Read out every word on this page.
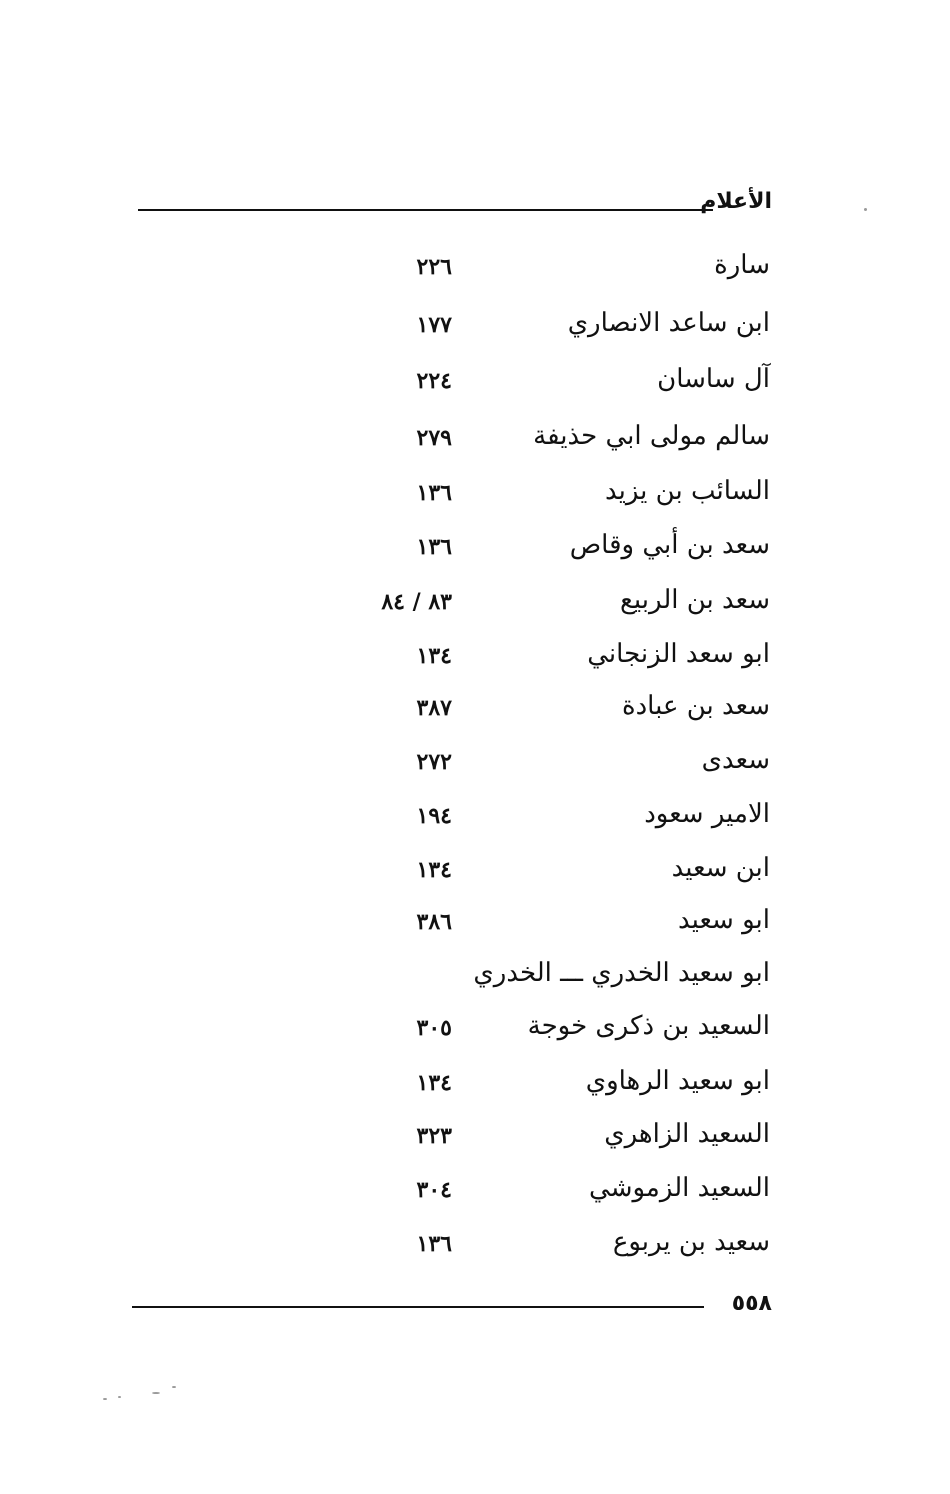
الأعلام
سارة
٢٢٦
ابن ساعد الانصاري
١٧٧
آل ساسان
٢٢٤
سالم مولى ابي حذيفة
٢٧٩
السائب بن يزيد
١٣٦
سعد بن أبي وقاص
١٣٦
سعد بن الربيع
٨٣ / ٨٤
ابو سعد الزنجاني
١٣٤
سعد بن عبادة
٣٨٧
سعدى
٢٧٢
الامير سعود
١٩٤
ابن سعيد
١٣٤
ابو سعيد
٣٨٦
ابو سعيد الخدري ـــ الخدري
السعيد بن ذكرى خوجة
٣٠٥
ابو سعيد الرهاوي
١٣٤
السعيد الزاهري
٣٢٣
السعيد الزموشي
٣٠٤
سعيد بن يربوع
١٣٦
٥٥٨
